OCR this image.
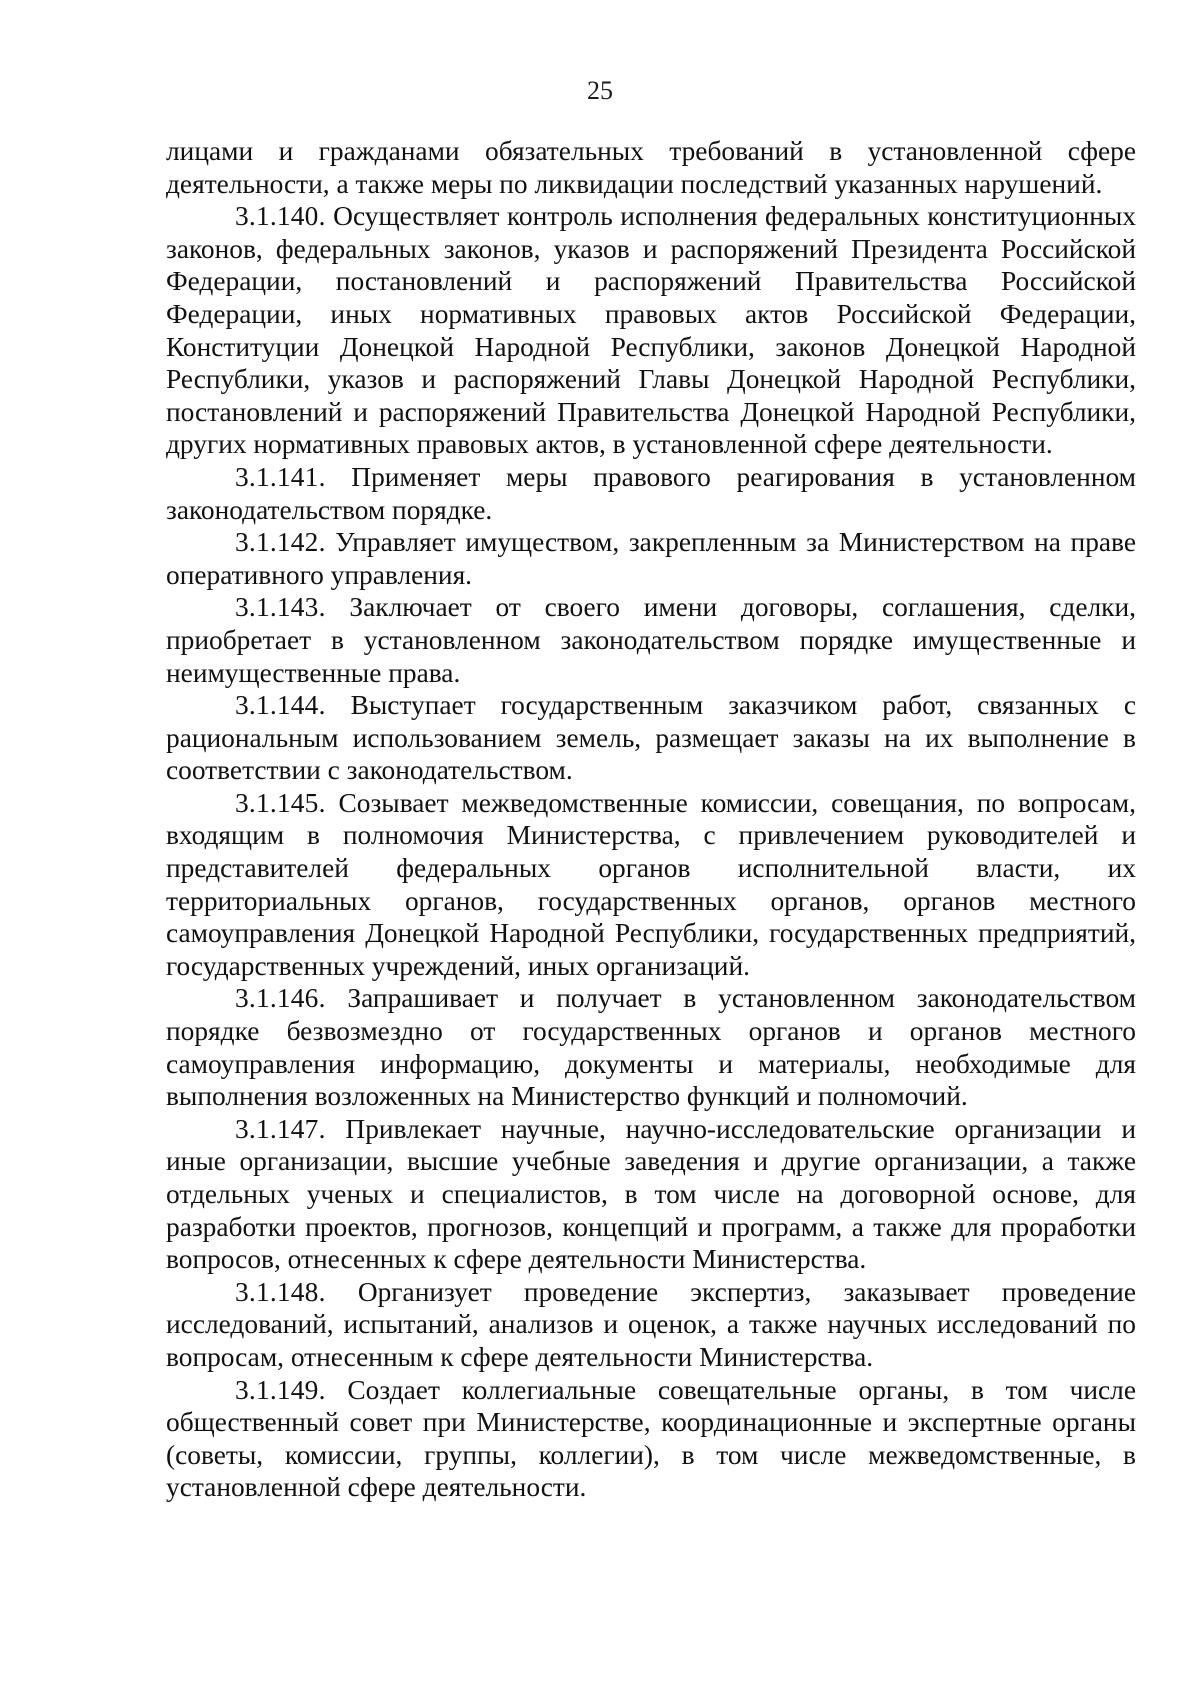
25

лицами и гражданами обязательных требований в установленной сфере деятельности, а также меры по ликвидации последствий указанных нарушений.

3.1.140. Осуществляет контроль исполнения федеральных конституционных законов, федеральных законов, указов и распоряжений Президента Российской Федерации, постановлений и распоряжений Правительства Российской Федерации, иных нормативных правовых актов Российской Федерации, Конституции Донецкой Народной Республики, законов Донецкой Народной Республики, указов и распоряжений Главы Донецкой Народной Республики, постановлений и распоряжений Правительства Донецкой Народной Республики, других нормативных правовых актов, в установленной сфере деятельности.

3.1.141. Применяет меры правового реагирования в установленном законодательством порядке.

3.1.142. Управляет имуществом, закрепленным за Министерством на праве оперативного управления.

3.1.143. Заключает от своего имени договоры, соглашения, сделки, приобретает в установленном законодательством порядке имущественные и неимущественные права.

3.1.144. Выступает государственным заказчиком работ, связанных с рациональным использованием земель, размещает заказы на их выполнение в соответствии с законодательством.

3.1.145. Созывает межведомственные комиссии, совещания, по вопросам, входящим в полномочия Министерства, с привлечением руководителей и представителей федеральных органов исполнительной власти, их территориальных органов, государственных органов, органов местного самоуправления Донецкой Народной Республики, государственных предприятий, государственных учреждений, иных организаций.

3.1.146. Запрашивает и получает в установленном законодательством порядке безвозмездно от государственных органов и органов местного самоуправления информацию, документы и материалы, необходимые для выполнения возложенных на Министерство функций и полномочий.

3.1.147. Привлекает научные, научно-исследовательские организации и иные организации, высшие учебные заведения и другие организации, а также отдельных ученых и специалистов, в том числе на договорной основе, для разработки проектов, прогнозов, концепций и программ, а также для проработки вопросов, отнесенных к сфере деятельности Министерства.

3.1.148. Организует проведение экспертиз, заказывает проведение исследований, испытаний, анализов и оценок, а также научных исследований по вопросам, отнесенным к сфере деятельности Министерства.

3.1.149. Создает коллегиальные совещательные органы, в том числе общественный совет при Министерстве, координационные и экспертные органы (советы, комиссии, группы, коллегии), в том числе межведомственные, в установленной сфере деятельности.
